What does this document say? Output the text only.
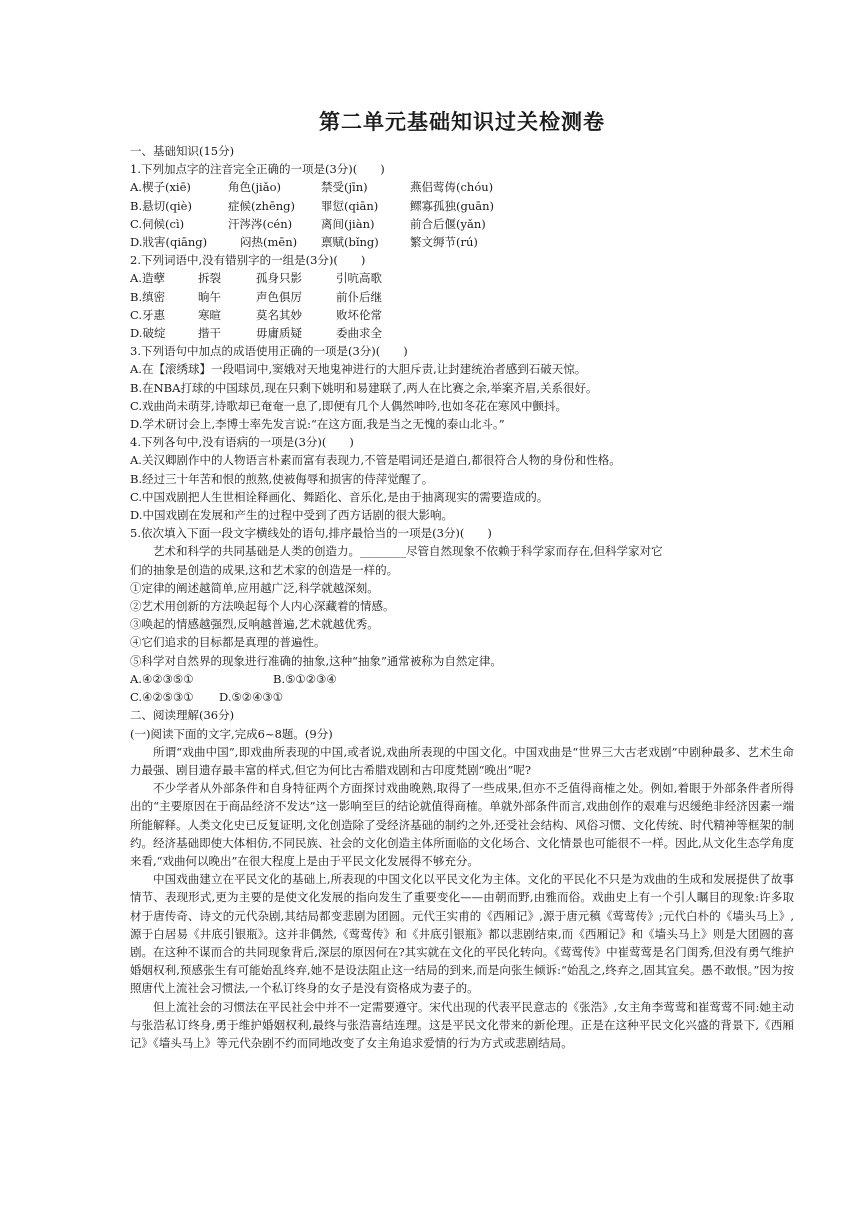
第二单元基础知识过关检测卷
一、基础知识(15分)
1.下列加点字的注音完全正确的一项是(3分)(　　)
A.楔子(xiē)	角色(jiǎo)	禁受(jīn)	燕侣莺俦(chóu)
B.悬切(qiè)	症候(zhēng)	罪愆(qiān)	鳏寡孤独(guān)
C.伺候(cì)	汗涔涔(cén)	离间(jiàn)	前合后偃(yǎn)
D.戕害(qiāng)	闷热(mēn)	禀赋(bǐng)	繁文缛节(rú)
2.下列词语中,没有错别字的一组是(3分)(　　)
A.造孽	拆裂	孤身只影	引吭高歌
B.缜密	晌午	声色俱厉	前仆后继
C.牙惠	寒暄	莫名其妙	败坏伦常
D.破绽	揩干	毋庸质疑	委曲求全
3.下列语句中加点的成语使用正确的一项是(3分)(　　)
A.在【滚绣球】一段唱词中,窦娥对天地鬼神进行的大胆斥责,让封建统治者感到石破天惊。
B.在NBA打球的中国球员,现在只剩下姚明和易建联了,两人在比赛之余,举案齐眉,关系很好。
C.戏曲尚未萌芽,诗歌却已奄奄一息了,即便有几个人偶然呻吟,也如冬花在寒风中颤抖。
D.学术研讨会上,李博士率先发言说:“在这方面,我是当之无愧的泰山北斗。”
4.下列各句中,没有语病的一项是(3分)(　　)
A.关汉卿剧作中的人物语言朴素而富有表现力,不管是唱词还是道白,都很符合人物的身份和性格。
B.经过三十年苦和恨的煎熬,使被侮辱和损害的侍萍觉醒了。
C.中国戏剧把人生世相诠释画化、舞蹈化、音乐化,是由于抽离现实的需要造成的。
D.中国戏剧在发展和产生的过程中受到了西方话剧的很大影响。
5.依次填入下面一段文字横线处的语句,排序最恰当的一项是(3分)(　　)
艺术和科学的共同基础是人类的创造力。________尽管自然现象不依赖于科学家而存在,但科学家对它
们的抽象是创造的成果,这和艺术家的创造是一样的。
①定律的阐述越简单,应用越广泛,科学就越深刻。
②艺术用创新的方法唤起每个人内心深藏着的情感。
③唤起的情感越强烈,反响越普遍,艺术就越优秀。
④它们追求的目标都是真理的普遍性。
⑤科学对自然界的现象进行准确的抽象,这种“抽象”通常被称为自然定律。
A.④②③⑤①	B.⑤①②③④
C.④②⑤③①	D.⑤②④③①
二、阅读理解(36分)
(一)阅读下面的文字,完成6~8题。(9分)
所谓“戏曲中国”,即戏曲所表现的中国,或者说,戏曲所表现的中国文化。中国戏曲是“世界三大古老戏剧”中剧种最多、艺术生命力最强、剧目遗存最丰富的样式,但它为何比古希腊戏剧和古印度梵剧“晚出”呢?
不少学者从外部条件和自身特征两个方面探讨戏曲晚熟,取得了一些成果,但亦不乏值得商榷之处。例如,着眼于外部条件者所得出的“主要原因在于商品经济不发达”这一影响至巨的结论就值得商榷。单就外部条件而言,戏曲创作的艰难与迟缓绝非经济因素一端所能解释。人类文化史已反复证明,文化创造除了受经济基础的制约之外,还受社会结构、风俗习惯、文化传统、时代精神等框架的制约。经济基础即使大体相仿,不同民族、社会的文化创造主体所面临的文化场合、文化情景也可能很不一样。因此,从文化生态学角度来看,“戏曲何以晚出”在很大程度上是由于平民文化发展得不够充分。
中国戏曲建立在平民文化的基础上,所表现的中国文化以平民文化为主体。文化的平民化不只是为戏曲的生成和发展提供了故事情节、表现形式,更为主要的是使文化发展的指向发生了重要变化——由朝而野,由雅而俗。戏曲史上有一个引人瞩目的现象:许多取材于唐传奇、诗文的元代杂剧,其结局都变悲剧为团圆。元代王实甫的《西厢记》,源于唐元稹《莺莺传》;元代白朴的《墙头马上》,源于白居易《井底引银瓶》。这并非偶然,《莺莺传》和《井底引银瓶》都以悲剧结束,而《西厢记》和《墙头马上》则是大团圆的喜剧。在这种不谋而合的共同现象背后,深层的原因何在?其实就在文化的平民化转向。《莺莺传》中崔莺莺是名门闺秀,但没有勇气维护婚姻权利,预感张生有可能始乱终弃,她不是设法阻止这一结局的到来,而是向张生倾诉:“始乱之,终弃之,固其宜矣。愚不敢恨。”因为按照唐代上流社会习惯法,一个私订终身的女子是没有资格成为妻子的。
但上流社会的习惯法在平民社会中并不一定需要遵守。宋代出现的代表平民意志的《张浩》,女主角李莺莺和崔莺莺不同:她主动与张浩私订终身,勇于维护婚姻权利,最终与张浩喜结连理。这是平民文化带来的新伦理。正是在这种平民文化兴盛的背景下,《西厢记》《墙头马上》等元代杂剧不约而同地改变了女主角追求爱情的行为方式或悲剧结局。
